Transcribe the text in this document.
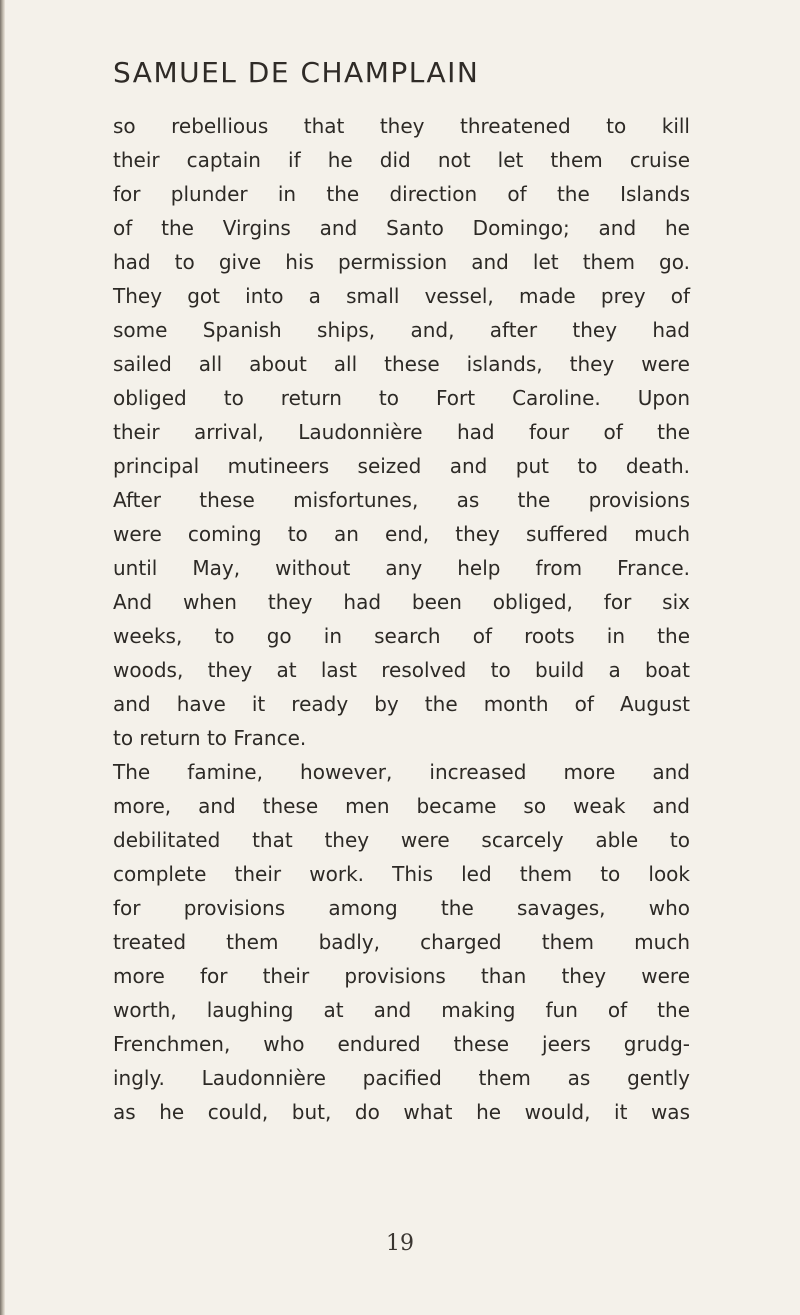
SAMUEL DE CHAMPLAIN
so rebellious that they threatened to kill
their captain if he did not let them cruise
for plunder in the direction of the Islands
of the Virgins and Santo Domingo; and he
had to give his permission and let them go.
They got into a small vessel, made prey of
some Spanish ships, and, after they had
sailed all about all these islands, they were
obliged to return to Fort Caroline. Upon
their arrival, Laudonnière had four of the
principal mutineers seized and put to death.
After these misfortunes, as the provisions
were coming to an end, they suffered much
until May, without any help from France.
And when they had been obliged, for six
weeks, to go in search of roots in the
woods, they at last resolved to build a boat
and have it ready by the month of August
to return to France.
The famine, however, increased more and
more, and these men became so weak and
debilitated that they were scarcely able to
complete their work. This led them to look
for provisions among the savages, who
treated them badly, charged them much
more for their provisions than they were
worth, laughing at and making fun of the
Frenchmen, who endured these jeers grudg-
ingly. Laudonnière pacified them as gently
as he could, but, do what he would, it was
19
